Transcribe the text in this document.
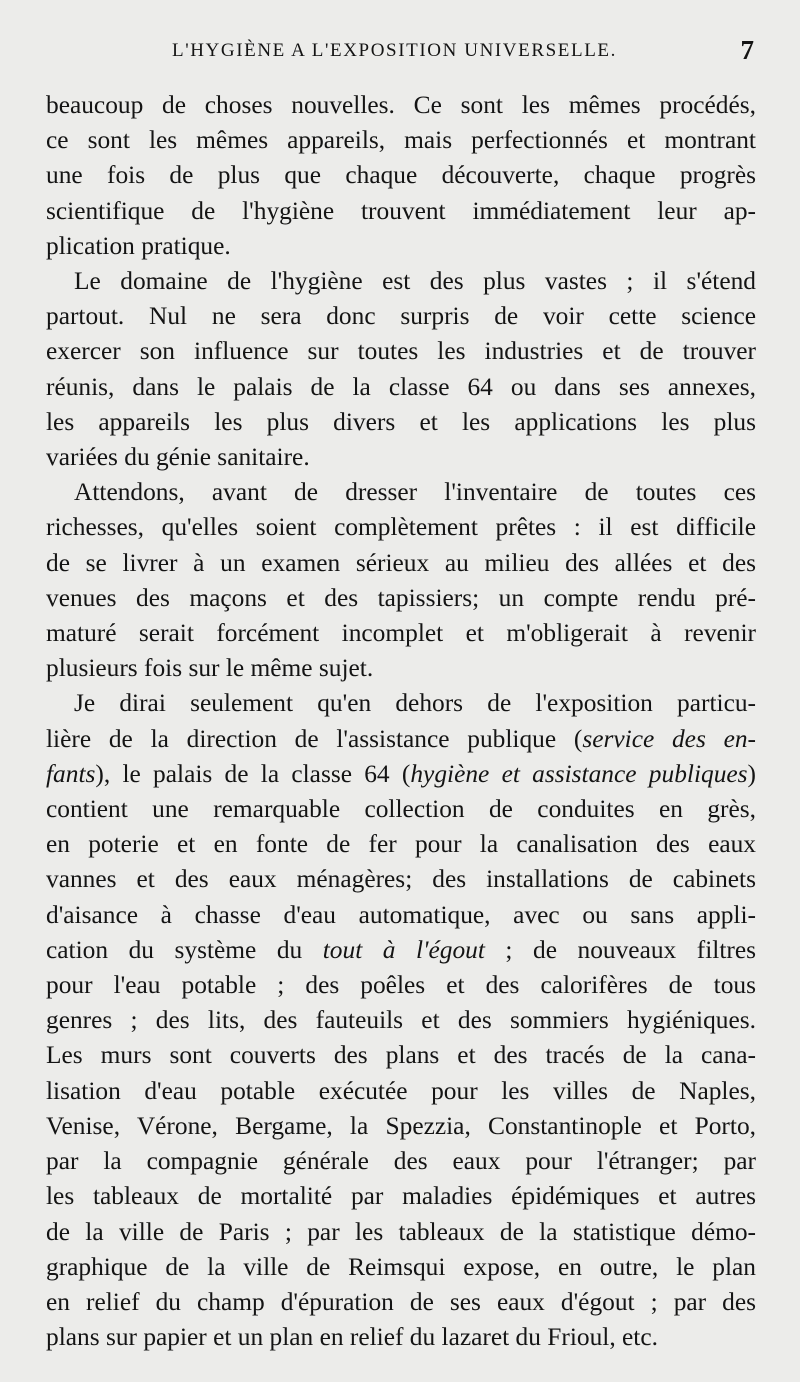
L'HYGIÈNE A L'EXPOSITION UNIVERSELLE.	7

beaucoup de choses nouvelles. Ce sont les mêmes procédés,
ce sont les mêmes appareils, mais perfectionnés et montrant
une fois de plus que chaque découverte, chaque progrès
scientifique de l'hygiène trouvent immédiatement leur ap-
plication pratique.

Le domaine de l'hygiène est des plus vastes ; il s'étend
partout. Nul ne sera donc surpris de voir cette science
exercer son influence sur toutes les industries et de trouver
réunis, dans le palais de la classe 64 ou dans ses annexes,
les appareils les plus divers et les applications les plus
variées du génie sanitaire.

Attendons, avant de dresser l'inventaire de toutes ces
richesses, qu'elles soient complètement prêtes : il est difficile
de se livrer à un examen sérieux au milieu des allées et des
venues des maçons et des tapissiers; un compte rendu pré-
maturé serait forcément incomplet et m'obligerait à revenir
plusieurs fois sur le même sujet.

Je dirai seulement qu'en dehors de l'exposition particu-
lière de la direction de l'assistance publique (service des en-
fants), le palais de la classe 64 (hygiène et assistance publiques)
contient une remarquable collection de conduites en grès,
en poterie et en fonte de fer pour la canalisation des eaux
vannes et des eaux ménagères; des installations de cabinets
d'aisance à chasse d'eau automatique, avec ou sans appli-
cation du système du tout à l'égout ; de nouveaux filtres
pour l'eau potable ; des poêles et des calorifères de tous
genres ; des lits, des fauteuils et des sommiers hygiéniques.
Les murs sont couverts des plans et des tracés de la cana-
lisation d'eau potable exécutée pour les villes de Naples,
Venise, Vérone, Bergame, la Spezzia, Constantinople et Porto,
par la compagnie générale des eaux pour l'étranger; par
les tableaux de mortalité par maladies épidémiques et autres
de la ville de Paris ; par les tableaux de la statistique démo-
graphique de la ville de Reimsqui expose, en outre, le plan
en relief du champ d'épuration de ses eaux d'égout ; par des
plans sur papier et un plan en relief du lazaret du Frioul, etc.
